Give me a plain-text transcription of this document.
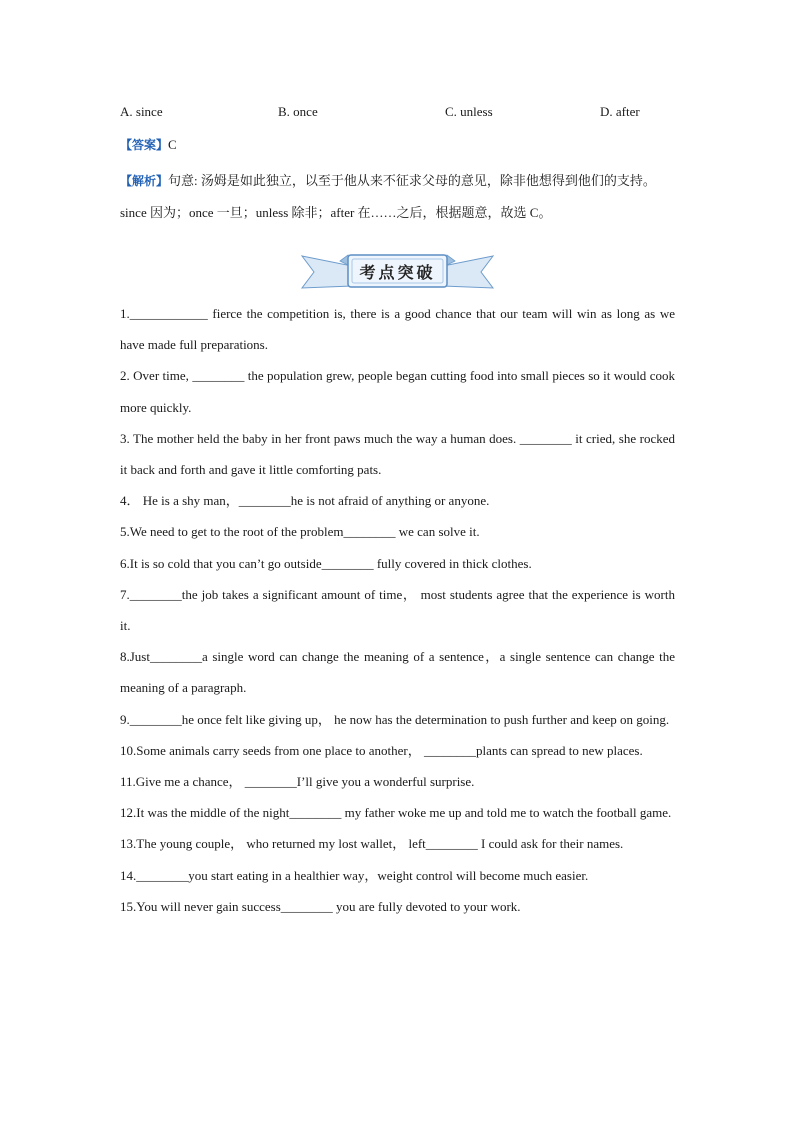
A. since	B. once	C. unless	D. after
【答案】C
【解析】句意: 汤姆是如此独立，以至于他从来不征求父母的意见，除非他想得到他们的支持。since 因为；once 一旦；unless 除非；after 在……之后，根据题意，故选 C。
考点突破

1.____________ fierce the competition is, there is a good chance that our team will win as long as we have made full preparations.

2. Over time, ________ the population grew, people began cutting food into small pieces so it would cook more quickly.

3. The mother held the baby in her front paws much the way a human does. ________ it cried, she rocked it back and forth and gave it little comforting pats.

4． He is a shy man，________he is not afraid of anything or anyone.

5.We need to get to the root of the problem________ we can solve it.

6.It is so cold that you can’t go outside________ fully covered in thick clothes.

7.________the job takes a significant amount of time， most students agree that the experience is worth it.

8.Just________a single word can change the meaning of a sentence，a single sentence can change the meaning of a paragraph.

9.________he once felt like giving up， he now has the determination to push further and keep on going.

10.Some animals carry seeds from one place to another， ________plants can spread to new places.

11.Give me a chance， ________I’ll give you a wonderful surprise.

12.It was the middle of the night________ my father woke me up and told me to watch the football game.

13.The young couple， who returned my lost wallet， left________ I could ask for their names.

14.________you start eating in a healthier way，weight control will become much easier.

15.You will never gain success________ you are fully devoted to your work.
